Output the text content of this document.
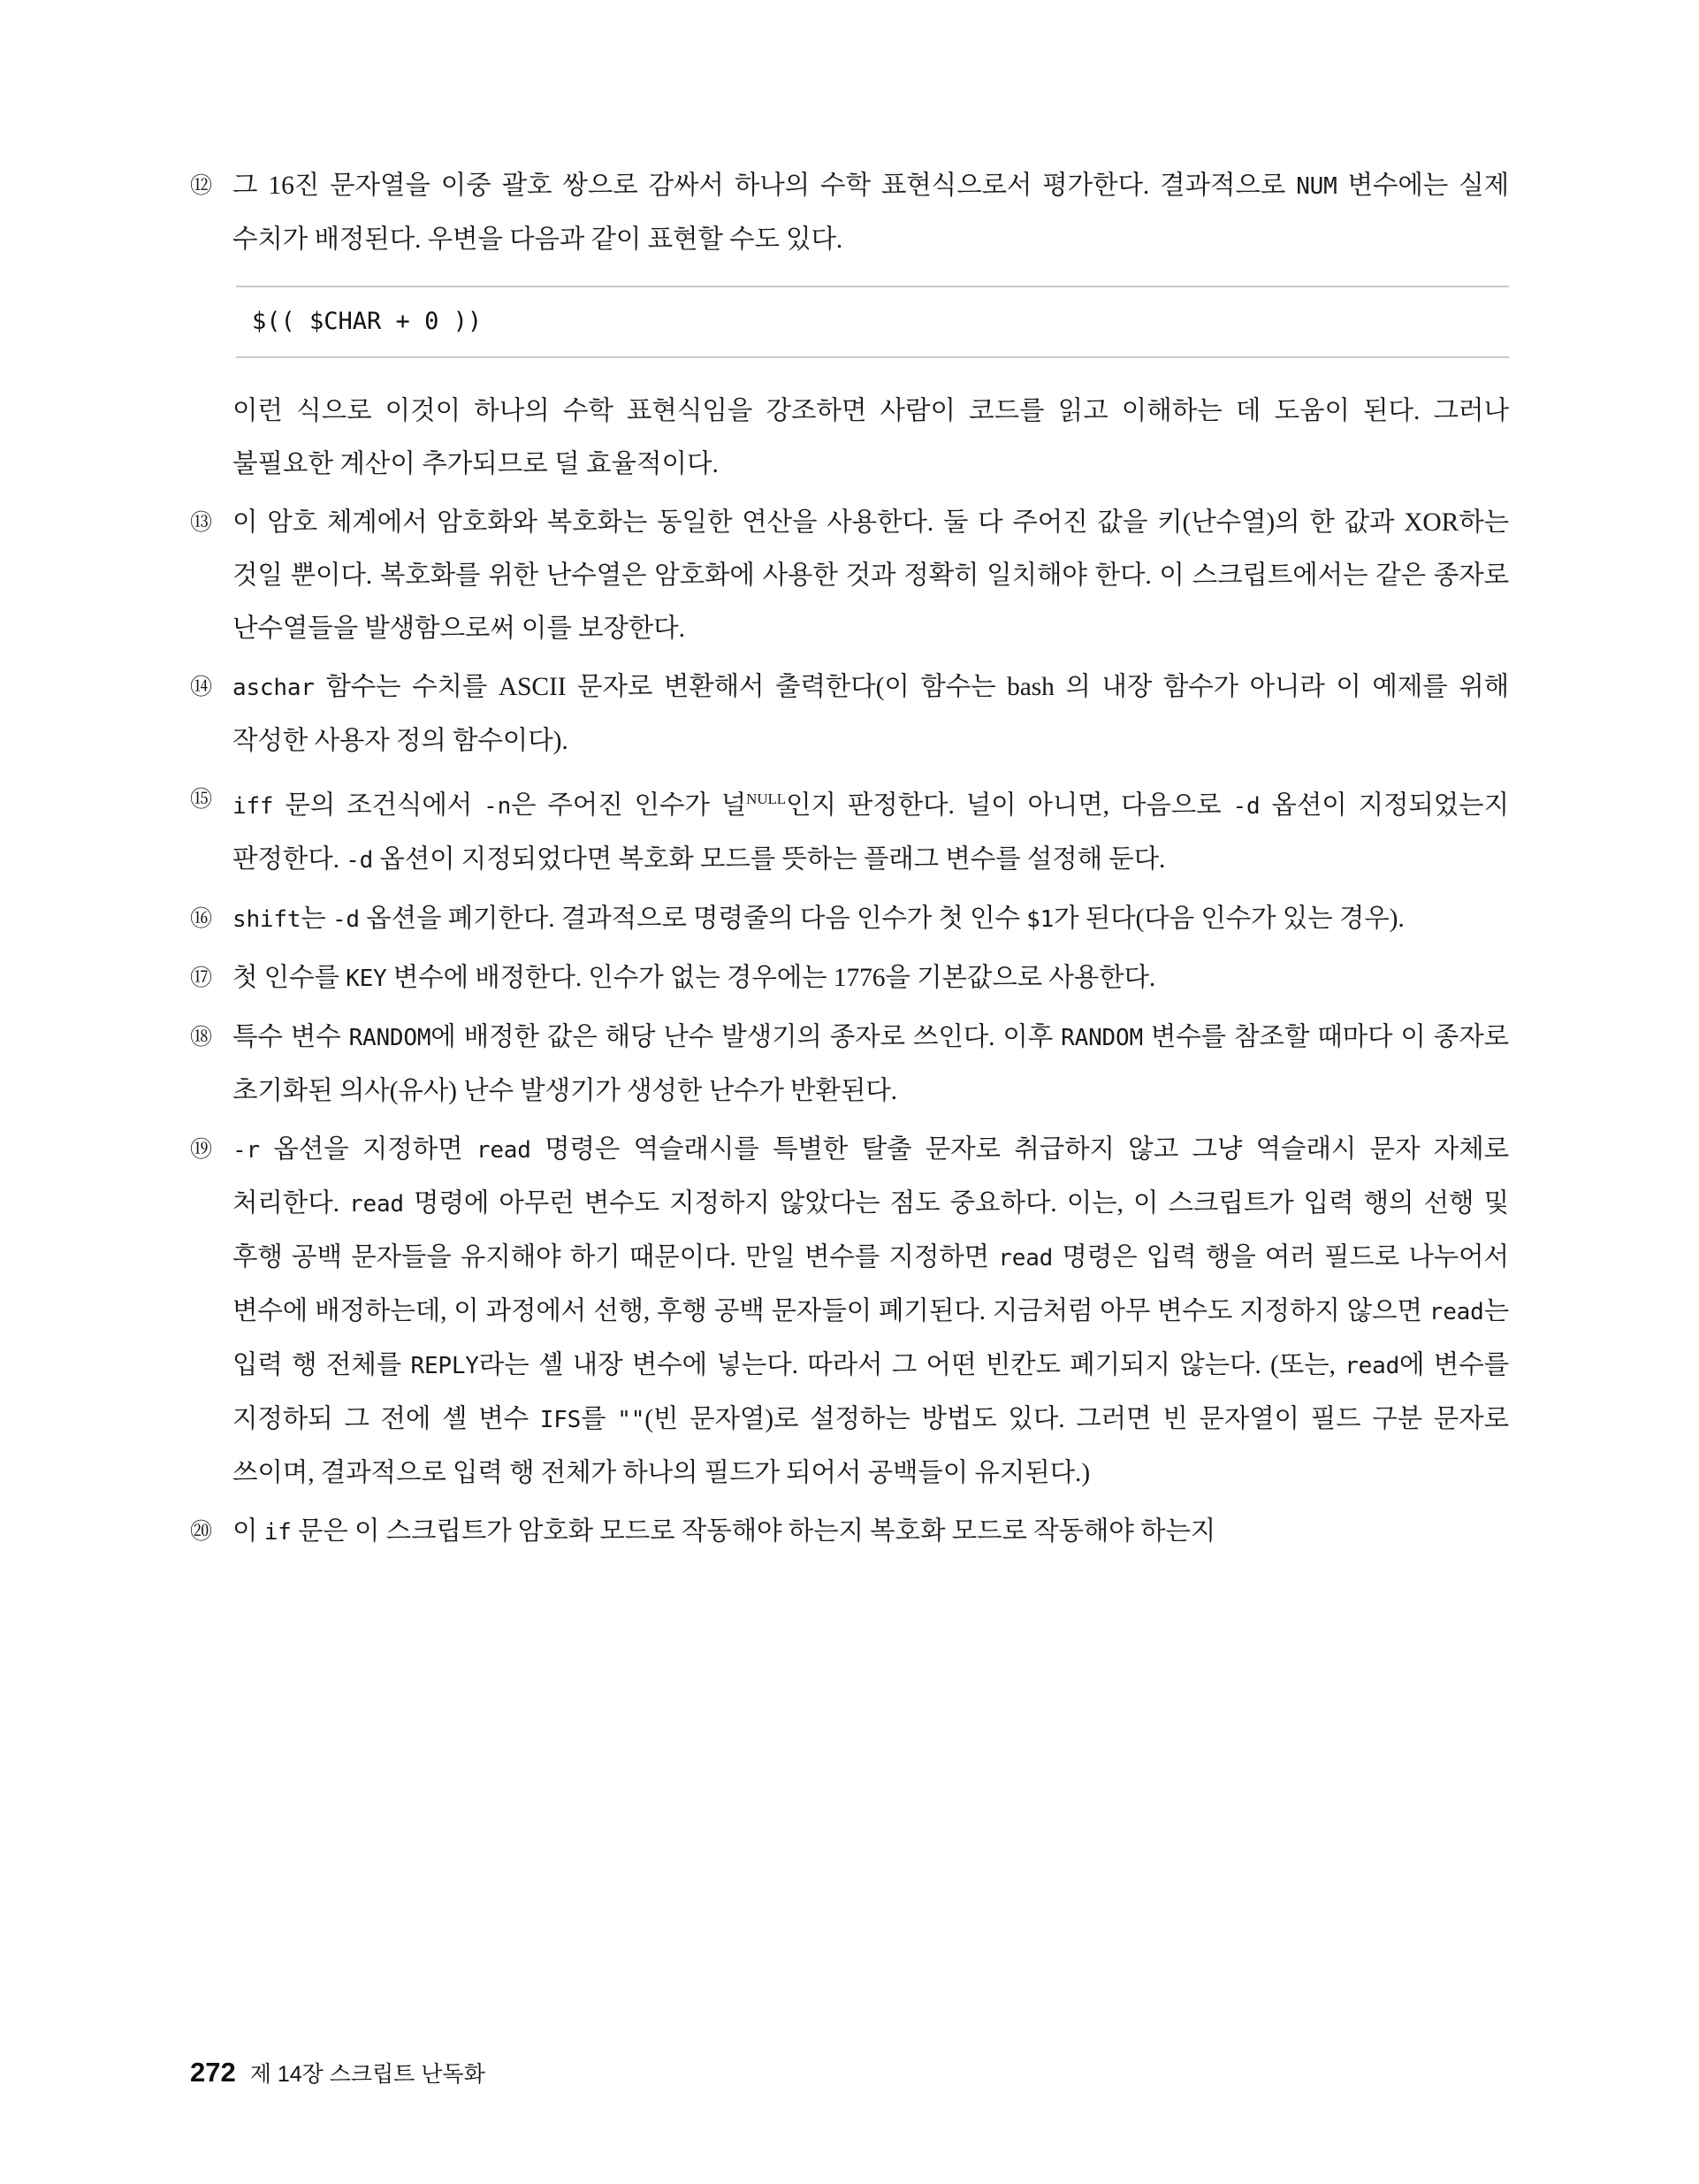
⑫ 그 16진 문자열을 이중 괄호 쌍으로 감싸서 하나의 수학 표현식으로서 평가한다. 결과적으로 NUM 변수에는 실제 수치가 배정된다. 우변을 다음과 같이 표현할 수도 있다.
$(( $CHAR + 0 ))
이런 식으로 이것이 하나의 수학 표현식임을 강조하면 사람이 코드를 읽고 이해하는 데 도움이 된다. 그러나 불필요한 계산이 추가되므로 덜 효율적이다.
⑬ 이 암호 체계에서 암호화와 복호화는 동일한 연산을 사용한다. 둘 다 주어진 값을 키(난수열)의 한 값과 XOR하는 것일 뿐이다. 복호화를 위한 난수열은 암호화에 사용한 것과 정확히 일치해야 한다. 이 스크립트에서는 같은 종자로 난수열들을 발생함으로써 이를 보장한다.
⑭ aschar 함수는 수치를 ASCII 문자로 변환해서 출력한다(이 함수는 bash 의 내장 함수가 아니라 이 예제를 위해 작성한 사용자 정의 함수이다).
⑮ iff 문의 조건식에서 -n은 주어진 인수가 널$^{NULL}$인지 판정한다. 널이 아니면, 다음으로 -d 옵션이 지정되었는지 판정한다. -d 옵션이 지정되었다면 복호화 모드를 뜻하는 플래그 변수를 설정해 둔다.
⑯ shift는 -d 옵션을 폐기한다. 결과적으로 명령줄의 다음 인수가 첫 인수 $1가 된다(다음 인수가 있는 경우).
⑰ 첫 인수를 KEY 변수에 배정한다. 인수가 없는 경우에는 1776을 기본값으로 사용한다.
⑱ 특수 변수 RANDOM에 배정한 값은 해당 난수 발생기의 종자로 쓰인다. 이후 RANDOM 변수를 참조할 때마다 이 종자로 초기화된 의사(유사) 난수 발생기가 생성한 난수가 반환된다.
⑲ -r 옵션을 지정하면 read 명령은 역슬래시를 특별한 탈출 문자로 취급하지 않고 그냥 역슬래시 문자 자체로 처리한다. read 명령에 아무런 변수도 지정하지 않았다는 점도 중요하다. 이는, 이 스크립트가 입력 행의 선행 및 후행 공백 문자들을 유지해야 하기 때문이다. 만일 변수를 지정하면 read 명령은 입력 행을 여러 필드로 나누어서 변수에 배정하는데, 이 과정에서 선행, 후행 공백 문자들이 폐기된다. 지금처럼 아무 변수도 지정하지 않으면 read는 입력 행 전체를 REPLY라는 셸 내장 변수에 넣는다. 따라서 그 어떤 빈칸도 폐기되지 않는다. (또는, read에 변수를 지정하되 그 전에 셸 변수 IFS를 ""(빈 문자열)로 설정하는 방법도 있다. 그러면 빈 문자열이 필드 구분 문자로 쓰이며, 결과적으로 입력 행 전체가 하나의 필드가 되어서 공백들이 유지된다.)
⑳ 이 if 문은 이 스크립트가 암호화 모드로 작동해야 하는지 복호화 모드로 작동해야 하는지
272 제 14장 스크립트 난독화
